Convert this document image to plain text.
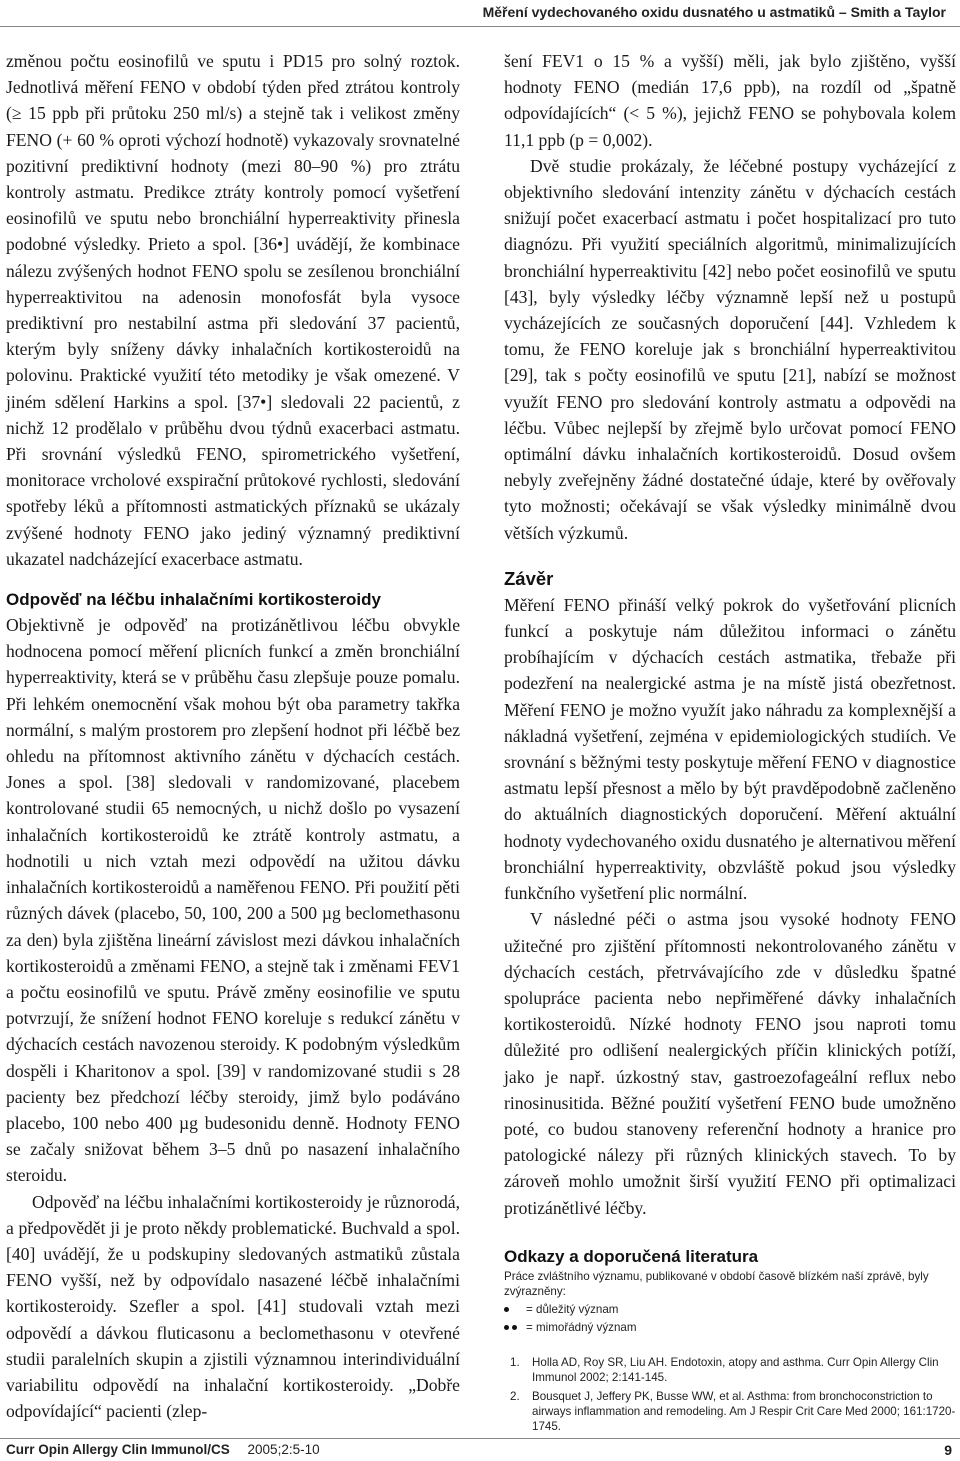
Měření vydechovaného oxidu dusnatého u astmatiků – Smith a Taylor

změnou počtu eosinofilů ve sputu i PD15 pro solný roztok. Jednotlivá měření FENO v období týden před ztrátou kontroly (≥ 15 ppb při průtoku 250 ml/s) a stejně tak i velikost změny FENO (+ 60 % oproti výchozí hodnotě) vykazovaly srovnatelné pozitivní prediktivní hodnoty (mezi 80–90 %) pro ztrátu kontroly astmatu. Predikce ztráty kontroly pomocí vyšetření eosinofilů ve sputu nebo bronchiální hyperreaktivity přinesla podobné výsledky. Prieto a spol. [36•] uvádějí, že kombinace nálezu zvýšených hodnot FENO spolu se zesílenou bronchiální hyperreaktivitou na adenosin monofosfát byla vysoce prediktivní pro nestabilní astma při sledování 37 pacientů, kterým byly sníženy dávky inhalačních kortikosteroidů na polovinu. Praktické využití této metodiky je však omezené. V jiném sdělení Harkins a spol. [37•] sledovali 22 pacientů, z nichž 12 prodělalo v průběhu dvou týdnů exacerbaci astmatu. Při srovnání výsledků FENO, spirometrického vyšetření, monitorace vrcholové exspirační průtokové rychlosti, sledování spotřeby léků a přítomnosti astmatických příznaků se ukázaly zvýšené hodnoty FENO jako jediný významný prediktivní ukazatel nadcházející exacerbace astmatu.

Odpověď na léčbu inhalačními kortikosteroidy

Objektivně je odpověď na protizánětlivou léčbu obvykle hodnocena pomocí měření plicních funkcí a změn bronchiální hyperreaktivity, která se v průběhu času zlepšuje pouze pomalu. Při lehkém onemocnění však mohou být oba parametry takřka normální, s malým prostorem pro zlepšení hodnot při léčbě bez ohledu na přítomnost aktivního zánětu v dýchacích cestách. Jones a spol. [38] sledovali v randomizované, placebem kontrolované studii 65 nemocných, u nichž došlo po vysazení inhalačních kortikosteroidů ke ztrátě kontroly astmatu, a hodnotili u nich vztah mezi odpovědí na užitou dávku inhalačních kortikosteroidů a naměřenou FENO. Při použití pěti různých dávek (placebo, 50, 100, 200 a 500 µg beclomethasonu za den) byla zjištěna lineární závislost mezi dávkou inhalačních kortikosteroidů a změnami FENO, a stejně tak i změnami FEV1 a počtu eosinofilů ve sputu. Právě změny eosinofilie ve sputu potvrzují, že snížení hodnot FENO koreluje s redukcí zánětu v dýchacích cestách navozenou steroidy. K podobným výsledkům dospěli i Kharitonov a spol. [39] v randomizované studii s 28 pacienty bez předchozí léčby steroidy, jimž bylo podáváno placebo, 100 nebo 400 µg budesonidu denně. Hodnoty FENO se začaly snižovat během 3–5 dnů po nasazení inhalačního steroidu.

Odpověď na léčbu inhalačními kortikosteroidy je různorodá, a předpovědět ji je proto někdy problematické. Buchvald a spol. [40] uvádějí, že u podskupiny sledovaných astmatiků zůstala FENO vyšší, než by odpovídalo nasazené léčbě inhalačními kortikosteroidy. Szefler a spol. [41] studovali vztah mezi odpovědí a dávkou fluticasonu a beclomethasonu v otevřené studii paralelních skupin a zjistili významnou interindividuální variabilitu odpovědí na inhalační kortikosteroidy. „Dobře odpovídající“ pacienti (zlep-

šení FEV1 o 15 % a vyšší) měli, jak bylo zjištěno, vyšší hodnoty FENO (medián 17,6 ppb), na rozdíl od „špatně odpovídajících“ (< 5 %), jejichž FENO se pohybovala kolem 11,1 ppb (p = 0,002).

Dvě studie prokázaly, že léčebné postupy vycházející z objektivního sledování intenzity zánětu v dýchacích cestách snižují počet exacerbací astmatu i počet hospitalizací pro tuto diagnózu. Při využití speciálních algoritmů, minimalizujících bronchiální hyperreaktivitu [42] nebo počet eosinofilů ve sputu [43], byly výsledky léčby významně lepší než u postupů vycházejících ze současných doporučení [44]. Vzhledem k tomu, že FENO koreluje jak s bronchiální hyperreaktivitou [29], tak s počty eosinofilů ve sputu [21], nabízí se možnost využít FENO pro sledování kontroly astmatu a odpovědi na léčbu. Vůbec nejlepší by zřejmě bylo určovat pomocí FENO optimální dávku inhalačních kortikosteroidů. Dosud ovšem nebyly zveřejněny žádné dostatečné údaje, které by ověřovaly tyto možnosti; očekávají se však výsledky minimálně dvou větších výzkumů.

Závěr

Měření FENO přináší velký pokrok do vyšetřování plicních funkcí a poskytuje nám důležitou informaci o zánětu probíhajícím v dýchacích cestách astmatika, třebaže při podezření na nealergické astma je na místě jistá obezřetnost. Měření FENO je možno využít jako náhradu za komplexnější a nákladná vyšetření, zejména v epidemiologických studiích. Ve srovnání s běžnými testy poskytuje měření FENO v diagnostice astmatu lepší přesnost a mělo by být pravděpodobně začleněno do aktuálních diagnostických doporučení. Měření aktuální hodnoty vydechovaného oxidu dusnatého je alternativou měření bronchiální hyperreaktivity, obzvláště pokud jsou výsledky funkčního vyšetření plic normální.

V následné péči o astma jsou vysoké hodnoty FENO užitečné pro zjištění přítomnosti nekontrolovaného zánětu v dýchacích cestách, přetrvávajícího zde v důsledku špatné spolupráce pacienta nebo nepřiměřené dávky inhalačních kortikosteroidů. Nízké hodnoty FENO jsou naproti tomu důležité pro odlišení nealergických příčin klinických potíží, jako je např. úzkostný stav, gastroezofageální reflux nebo rinosinusitida. Běžné použití vyšetření FENO bude umožněno poté, co budou stanoveny referenční hodnoty a hranice pro patologické nálezy při různých klinických stavech. To by zároveň mohlo umožnit širší využití FENO při optimalizaci protizánětlivé léčby.

Odkazy a doporučená literatura
Práce zvláštního významu, publikované v období časově blízkém naší zprávě, byly zvýrazněny:
= důležitý význam

= mimořádný význam
1.	Holla AD, Roy SR, Liu AH. Endotoxin, atopy and asthma. Curr Opin Allergy Clin Immunol 2002; 2:141-145.
2.	Bousquet J, Jeffery PK, Busse WW, et al. Asthma: from bronchoconstriction to airways inflammation and remodeling. Am J Respir Crit Care Med 2000; 161:1720-1745.
Curr Opin Allergy Clin Immunol/CS 2005;2:5-10	9
